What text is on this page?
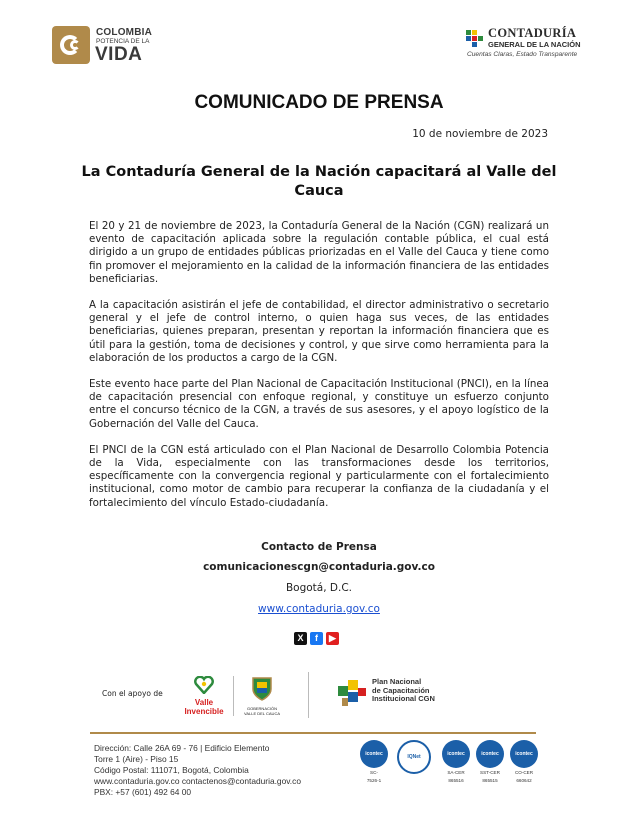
COLOMBIA
POTENCIA DE LA
VIDA
CONTADURÍA
GENERAL DE LA NACIÓN
Cuentas Claras, Estado Transparente
COMUNICADO DE PRENSA
10 de noviembre de 2023
La Contaduría General de la Nación capacitará al Valle del Cauca

El 20 y 21 de noviembre de 2023, la Contaduría General de la Nación (CGN) realizará un evento de capacitación aplicada sobre la regulación contable pública, el cual está dirigido a un grupo de entidades públicas priorizadas en el Valle del Cauca y tiene como fin promover el mejoramiento en la calidad de la información financiera de las entidades beneficiarias.

A la capacitación asistirán el jefe de contabilidad, el director administrativo o secretario general y el jefe de control interno, o quien haga sus veces, de las entidades beneficiarias, quienes preparan, presentan y reportan la información financiera que es útil para la gestión, toma de decisiones y control, y que sirve como herramienta para la elaboración de los productos a cargo de la CGN.

Este evento hace parte del Plan Nacional de Capacitación Institucional (PNCI), en la línea de capacitación presencial con enfoque regional, y constituye un esfuerzo conjunto entre el concurso técnico de la CGN, a través de sus asesores, y el apoyo logístico de la Gobernación del Valle del Cauca.

El PNCI de la CGN está articulado con el Plan Nacional de Desarrollo Colombia Potencia de la Vida, especialmente con las transformaciones desde los territorios, específicamente con la convergencia regional y particularmente con el fortalecimiento institucional, como motor de cambio para recuperar la confianza de la ciudadanía y el fortalecimiento del vínculo Estado-ciudadanía.

Contacto de Prensa
comunicacionescgn@contaduria.gov.co
Bogotá, D.C.
www.contaduria.gov.co
X	f	▶
Con el apoyo de
Valle
Invencible	GOBERNACIÓN
VALLE DEL CAUCA
Plan Nacional
de Capacitación
Institucional CGN
Dirección: Calle 26A 69 - 76 | Edificio Elemento
Torre 1 (Aire) - Piso 15
Código Postal: 111071, Bogotá, Colombia
www.contaduria.gov.co contactenos@contaduria.gov.co
PBX: +57 (601) 492 64 00
icontec
SC-
7526-1
IQNet	icontec
SA-CER
865516
icontec
SST-CER
865515
icontec
CO-CER
660642
